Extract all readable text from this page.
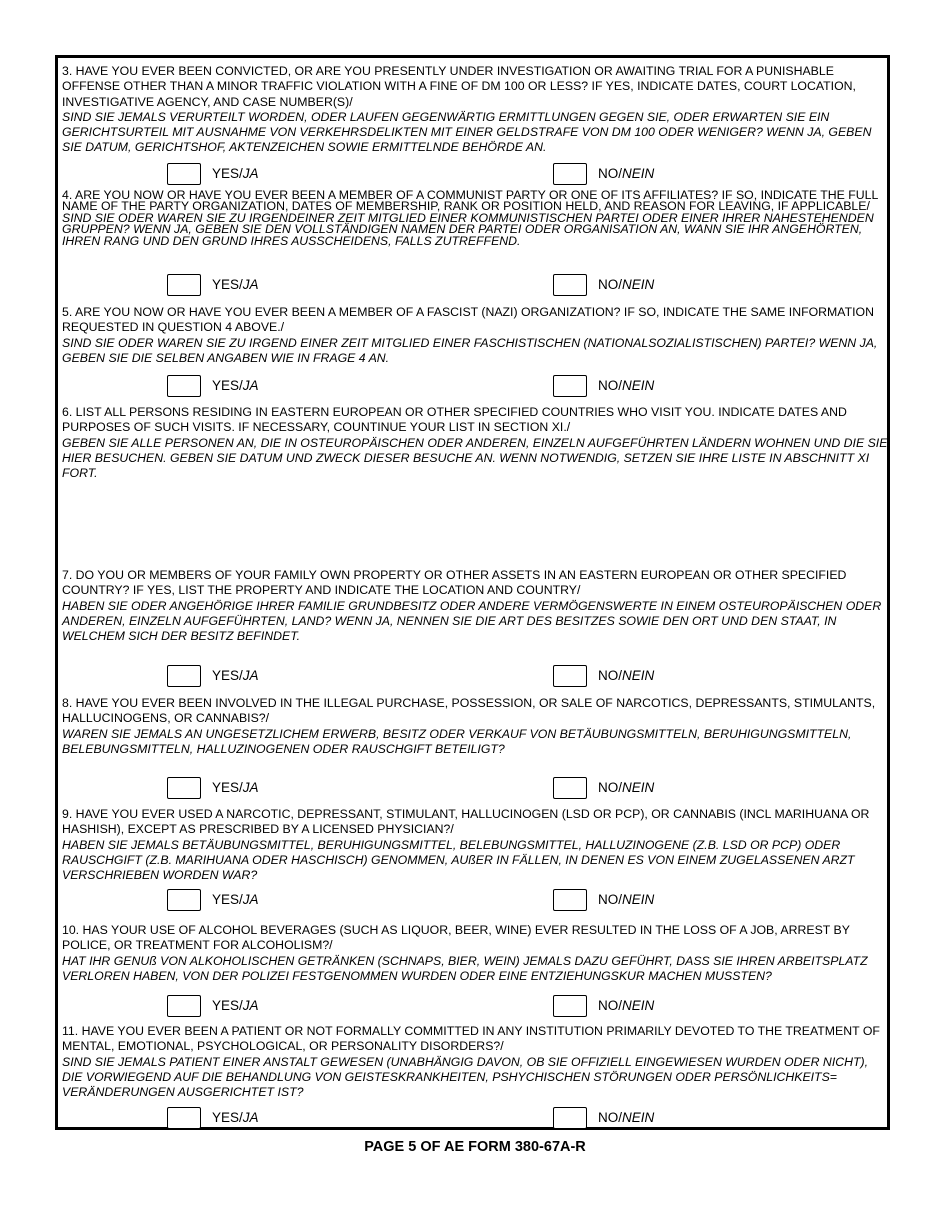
3. HAVE YOU EVER BEEN CONVICTED, OR ARE YOU PRESENTLY UNDER INVESTIGATION OR AWAITING TRIAL FOR A PUNISHABLE OFFENSE OTHER THAN A MINOR TRAFFIC VIOLATION WITH A FINE OF DM 100 OR LESS? IF YES, INDICATE DATES, COURT LOCATION, INVESTIGATIVE AGENCY, AND CASE NUMBER(S)/
SIND SIE JEMALS VERURTEILT WORDEN, ODER LAUFEN GEGENWÄRTIG ERMITTLUNGEN GEGEN SIE, ODER ERWARTEN SIE EIN GERICHTSURTEIL MIT AUSNAHME VON VERKEHRSDELIKTEN MIT EINER GELDSTRAFE VON DM 100 ODER WENIGER? WENN JA, GEBEN SIE DATUM, GERICHTSHOF, AKTENZEICHEN SOWIE ERMITTELNDE BEHÖRDE AN.
YES/JA	NO/NEIN
4. ARE YOU NOW OR HAVE YOU EVER BEEN A MEMBER OF A COMMUNIST PARTY OR ONE OF ITS AFFILIATES? IF SO, INDICATE THE FULL NAME OF THE PARTY ORGANIZATION, DATES OF MEMBERSHIP, RANK OR POSITION HELD, AND REASON FOR LEAVING, IF APPLICABLE/
SIND SIE ODER WAREN SIE ZU IRGENDEINER ZEIT MITGLIED EINER KOMMUNISTISCHEN PARTEI ODER EINER IHRER NAHESTEHENDEN GRUPPEN? WENN JA, GEBEN SIE DEN VOLLSTÄNDIGEN NAMEN DER PARTEI ODER ORGANISATION AN, WANN SIE IHR ANGEHÖRTEN, IHREN RANG UND DEN GRUND IHRES AUSSCHEIDENS, FALLS ZUTREFFEND.
YES/JA	NO/NEIN
5. ARE YOU NOW OR HAVE YOU EVER BEEN A MEMBER OF A FASCIST (NAZI) ORGANIZATION? IF SO, INDICATE THE SAME INFORMATION REQUESTED IN QUESTION 4 ABOVE./
SIND SIE ODER WAREN SIE ZU IRGEND EINER ZEIT MITGLIED EINER FASCHISTISCHEN (NATIONALSOZIALISTISCHEN) PARTEI? WENN JA, GEBEN SIE DIE SELBEN ANGABEN WIE IN FRAGE 4 AN.
YES/JA	NO/NEIN
6. LIST ALL PERSONS RESIDING IN EASTERN EUROPEAN OR OTHER SPECIFIED COUNTRIES WHO VISIT YOU. INDICATE DATES AND PURPOSES OF SUCH VISITS. IF NECESSARY, COUNTINUE YOUR LIST IN SECTION XI./
GEBEN SIE ALLE PERSONEN AN, DIE IN OSTEUROPÄISCHEN ODER ANDEREN, EINZELN AUFGEFÜHRTEN LÄNDERN WOHNEN UND DIE SIE HIER BESUCHEN. GEBEN SIE DATUM UND ZWECK DIESER BESUCHE AN. WENN NOTWENDIG, SETZEN SIE IHRE LISTE IN ABSCHNITT XI FORT.
7. DO YOU OR MEMBERS OF YOUR FAMILY OWN PROPERTY OR OTHER ASSETS IN AN EASTERN EUROPEAN OR OTHER SPECIFIED COUNTRY? IF YES, LIST THE PROPERTY AND INDICATE THE LOCATION AND COUNTRY/
HABEN SIE ODER ANGEHÖRIGE IHRER FAMILIE GRUNDBESITZ ODER ANDERE VERMÖGENSWERTE IN EINEM OSTEUROPÄISCHEN ODER ANDEREN, EINZELN AUFGEFÜHRTEN, LAND? WENN JA, NENNEN SIE DIE ART DES BESITZES SOWIE DEN ORT UND DEN STAAT, IN WELCHEM SICH DER BESITZ BEFINDET.
YES/JA	NO/NEIN
8. HAVE YOU EVER BEEN INVOLVED IN THE ILLEGAL PURCHASE, POSSESSION, OR SALE OF NARCOTICS, DEPRESSANTS, STIMULANTS, HALLUCINOGENS, OR CANNABIS?/
WAREN SIE JEMALS AN UNGESETZLICHEM ERWERB, BESITZ ODER VERKAUF VON BETÄUBUNGSMITTELN, BERUHIGUNGSMITTELN, BELEBUNGSMITTELN, HALLUZINOGENEN ODER RAUSCHGIFT BETEILIGT?
YES/JA	NO/NEIN
9. HAVE YOU EVER USED A NARCOTIC, DEPRESSANT, STIMULANT, HALLUCINOGEN (LSD OR PCP), OR CANNABIS (INCL MARIHUANA OR HASHISH), EXCEPT AS PRESCRIBED BY A LICENSED PHYSICIAN?/
HABEN SIE JEMALS BETÄUBUNGSMITTEL, BERUHIGUNGSMITTEL, BELEBUNGSMITTEL, HALLUZINOGENE (Z.B. LSD OR PCP) ODER RAUSCHGIFT (Z.B. MARIHUANA ODER HASCHISCH) GENOMMEN, AUßER IN FÄLLEN, IN DENEN ES VON EINEM ZUGELASSENEN ARZT VERSCHRIEBEN WORDEN WAR?
YES/JA	NO/NEIN
10. HAS YOUR USE OF ALCOHOL BEVERAGES (SUCH AS LIQUOR, BEER, WINE) EVER RESULTED IN THE LOSS OF A JOB, ARREST BY POLICE, OR TREATMENT FOR ALCOHOLISM?/
HAT IHR GENUß VON ALKOHOLISCHEN GETRÄNKEN (SCHNAPS, BIER, WEIN) JEMALS DAZU GEFÜHRT, DASS SIE IHREN ARBEITSPLATZ VERLOREN HABEN, VON DER POLIZEI FESTGENOMMEN WURDEN ODER EINE ENTZIEHUNGSKUR MACHEN MUSSTEN?
YES/JA	NO/NEIN
11. HAVE YOU EVER BEEN A PATIENT OR NOT FORMALLY COMMITTED IN ANY INSTITUTION PRIMARILY DEVOTED TO THE TREATMENT OF MENTAL, EMOTIONAL, PSYCHOLOGICAL, OR PERSONALITY DISORDERS?/
SIND SIE JEMALS PATIENT EINER ANSTALT GEWESEN (UNABHÄNGIG DAVON, OB SIE OFFIZIELL EINGEWIESEN WURDEN ODER NICHT), DIE VORWIEGEND AUF DIE BEHANDLUNG VON GEISTESKRANKHEITEN, PSHYCHISCHEN STÖRUNGEN ODER PERSÖNLICHKEITS= VERÄNDERUNGEN AUSGERICHTET IST?
YES/JA	NO/NEIN
PAGE 5 OF AE FORM 380-67A-R
